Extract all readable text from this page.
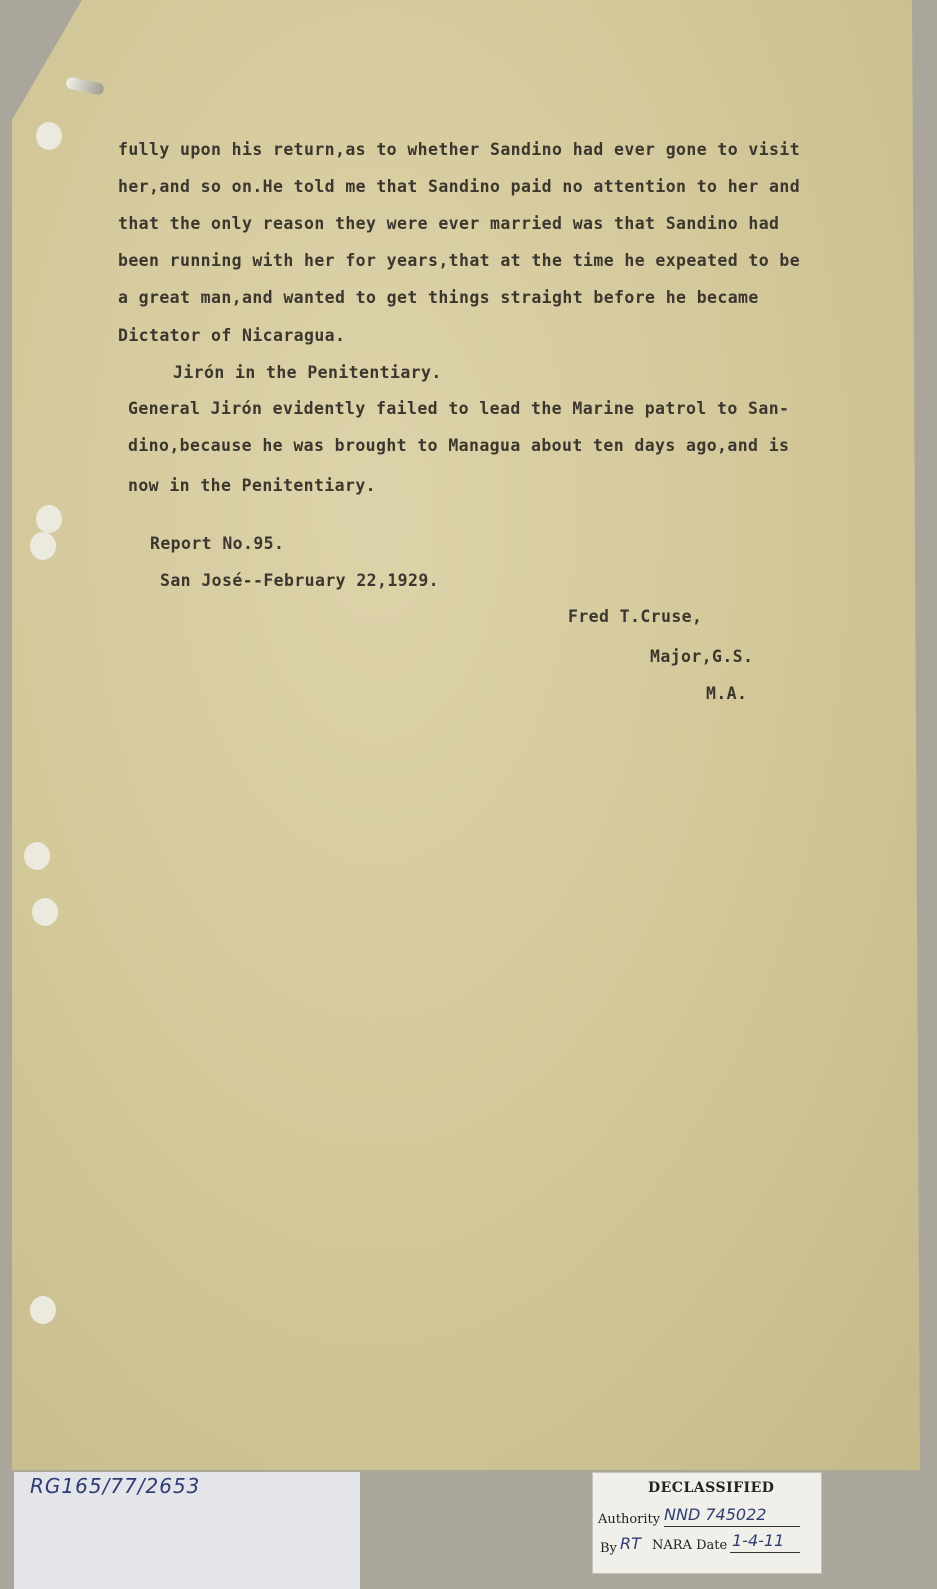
fully upon his return,as to whether Sandino had ever gone to visit
her,and so on.He told me that Sandino paid no attention to her and
that the only reason they were ever married was that Sandino had
been running with her for years,that at the time he expeated to be
a great man,and wanted to get things straight before he became
Dictator of Nicaragua.
Jirón in the Penitentiary.
General Jirón evidently failed to lead the Marine patrol to San-
dino,because he was brought to Managua about ten days ago,and is
now in the Penitentiary.
Report No.95.
San José--February 22,1929.
Fred T.Cruse,
Major,G.S.
M.A.
RG165/77/2653	DECLASSIFIED
Authority NND 745022
By RT NARA Date 1-4-11
